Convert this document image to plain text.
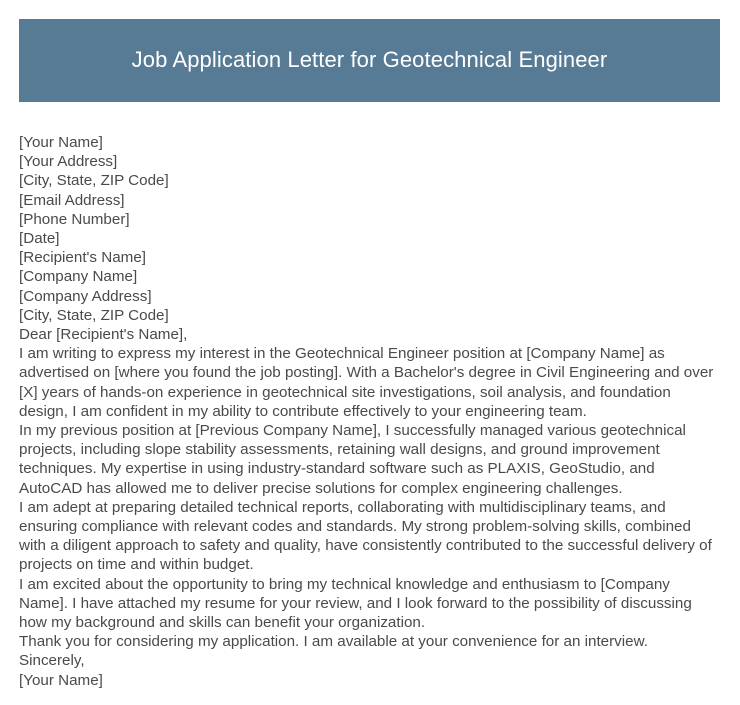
Job Application Letter for Geotechnical Engineer
[Your Name]
[Your Address]
[City, State, ZIP Code]
[Email Address]
[Phone Number]
[Date]
[Recipient's Name]
[Company Name]
[Company Address]
[City, State, ZIP Code]
Dear [Recipient's Name],

I am writing to express my interest in the Geotechnical Engineer position at [Company Name] as advertised on [where you found the job posting]. With a Bachelor's degree in Civil Engineering and over [X] years of hands-on experience in geotechnical site investigations, soil analysis, and foundation design, I am confident in my ability to contribute effectively to your engineering team.

In my previous position at [Previous Company Name], I successfully managed various geotechnical projects, including slope stability assessments, retaining wall designs, and ground improvement techniques. My expertise in using industry-standard software such as PLAXIS, GeoStudio, and AutoCAD has allowed me to deliver precise solutions for complex engineering challenges.

I am adept at preparing detailed technical reports, collaborating with multidisciplinary teams, and ensuring compliance with relevant codes and standards. My strong problem-solving skills, combined with a diligent approach to safety and quality, have consistently contributed to the successful delivery of projects on time and within budget.

I am excited about the opportunity to bring my technical knowledge and enthusiasm to [Company Name]. I have attached my resume for your review, and I look forward to the possibility of discussing how my background and skills can benefit your organization.

Thank you for considering my application. I am available at your convenience for an interview.

Sincerely,
[Your Name]
